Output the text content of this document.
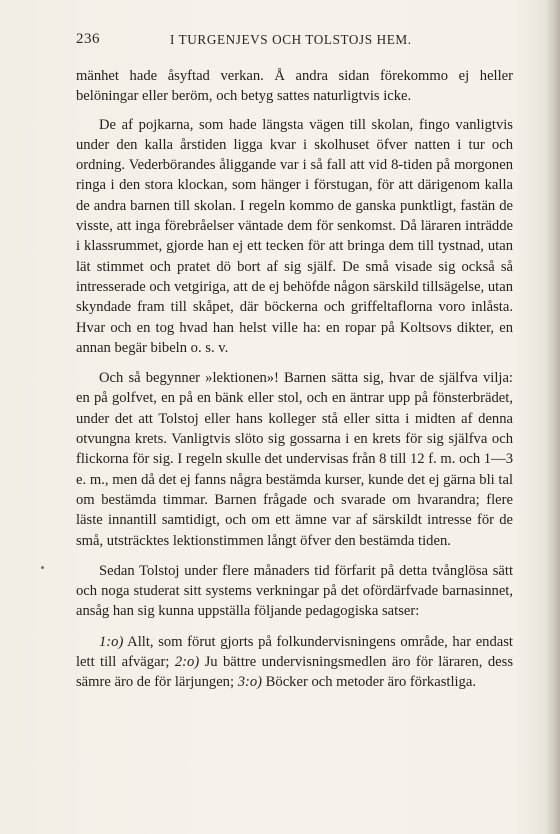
236	I TURGENJEVS OCH TOLSTOJS HEM.

mänhet hade åsyftad verkan. Å andra sidan förekommo ej heller belöningar eller beröm, och betyg sattes naturligtvis icke.

De af pojkarna, som hade längsta vägen till skolan, fingo vanligtvis under den kalla årstiden ligga kvar i skolhuset öfver natten i tur och ordning. Vederbörandes åliggande var i så fall att vid 8-tiden på morgonen ringa i den stora klockan, som hänger i förstugan, för att därigenom kalla de andra barnen till skolan. I regeln kommo de ganska punktligt, fastän de visste, att inga förebråelser väntade dem för senkomst. Då läraren inträdde i klassrummet, gjorde han ej ett tecken för att bringa dem till tystnad, utan lät stimmet och pratet dö bort af sig själf. De små visade sig också så intresserade och vetgiriga, att de ej behöfde någon särskild tillsägelse, utan skyndade fram till skåpet, där böckerna och griffeltaflorna voro inlåsta. Hvar och en tog hvad han helst ville ha: en ropar på Koltsovs dikter, en annan begär bibeln o. s. v.

Och så begynner »lektionen»! Barnen sätta sig, hvar de själfva vilja: en på golfvet, en på en bänk eller stol, och en äntrar upp på fönsterbrädet, under det att Tolstoj eller hans kolleger stå eller sitta i midten af denna otvungna krets. Vanligtvis slöto sig gossarna i en krets för sig själfva och flickorna för sig. I regeln skulle det undervisas från 8 till 12 f. m. och 1—3 e. m., men då det ej fanns några bestämda kurser, kunde det ej gärna bli tal om bestämda timmar. Barnen frågade och svarade om hvarandra; flere läste innantill samtidigt, och om ett ämne var af särskildt intresse för de små, utsträcktes lektionstimmen långt öfver den bestämda tiden.

Sedan Tolstoj under flere månaders tid förfarit på detta tvånglösa sätt och noga studerat sitt systems verkningar på det ofördärfvade barnasinnet, ansåg han sig kunna uppställa följande pedagogiska satser:

1:o) Allt, som förut gjorts på folkundervisningens område, har endast lett till afvägar; 2:o) Ju bättre undervisningsmedlen äro för läraren, dess sämre äro de för lärjungen; 3:o) Böcker och metoder äro förkastliga.
